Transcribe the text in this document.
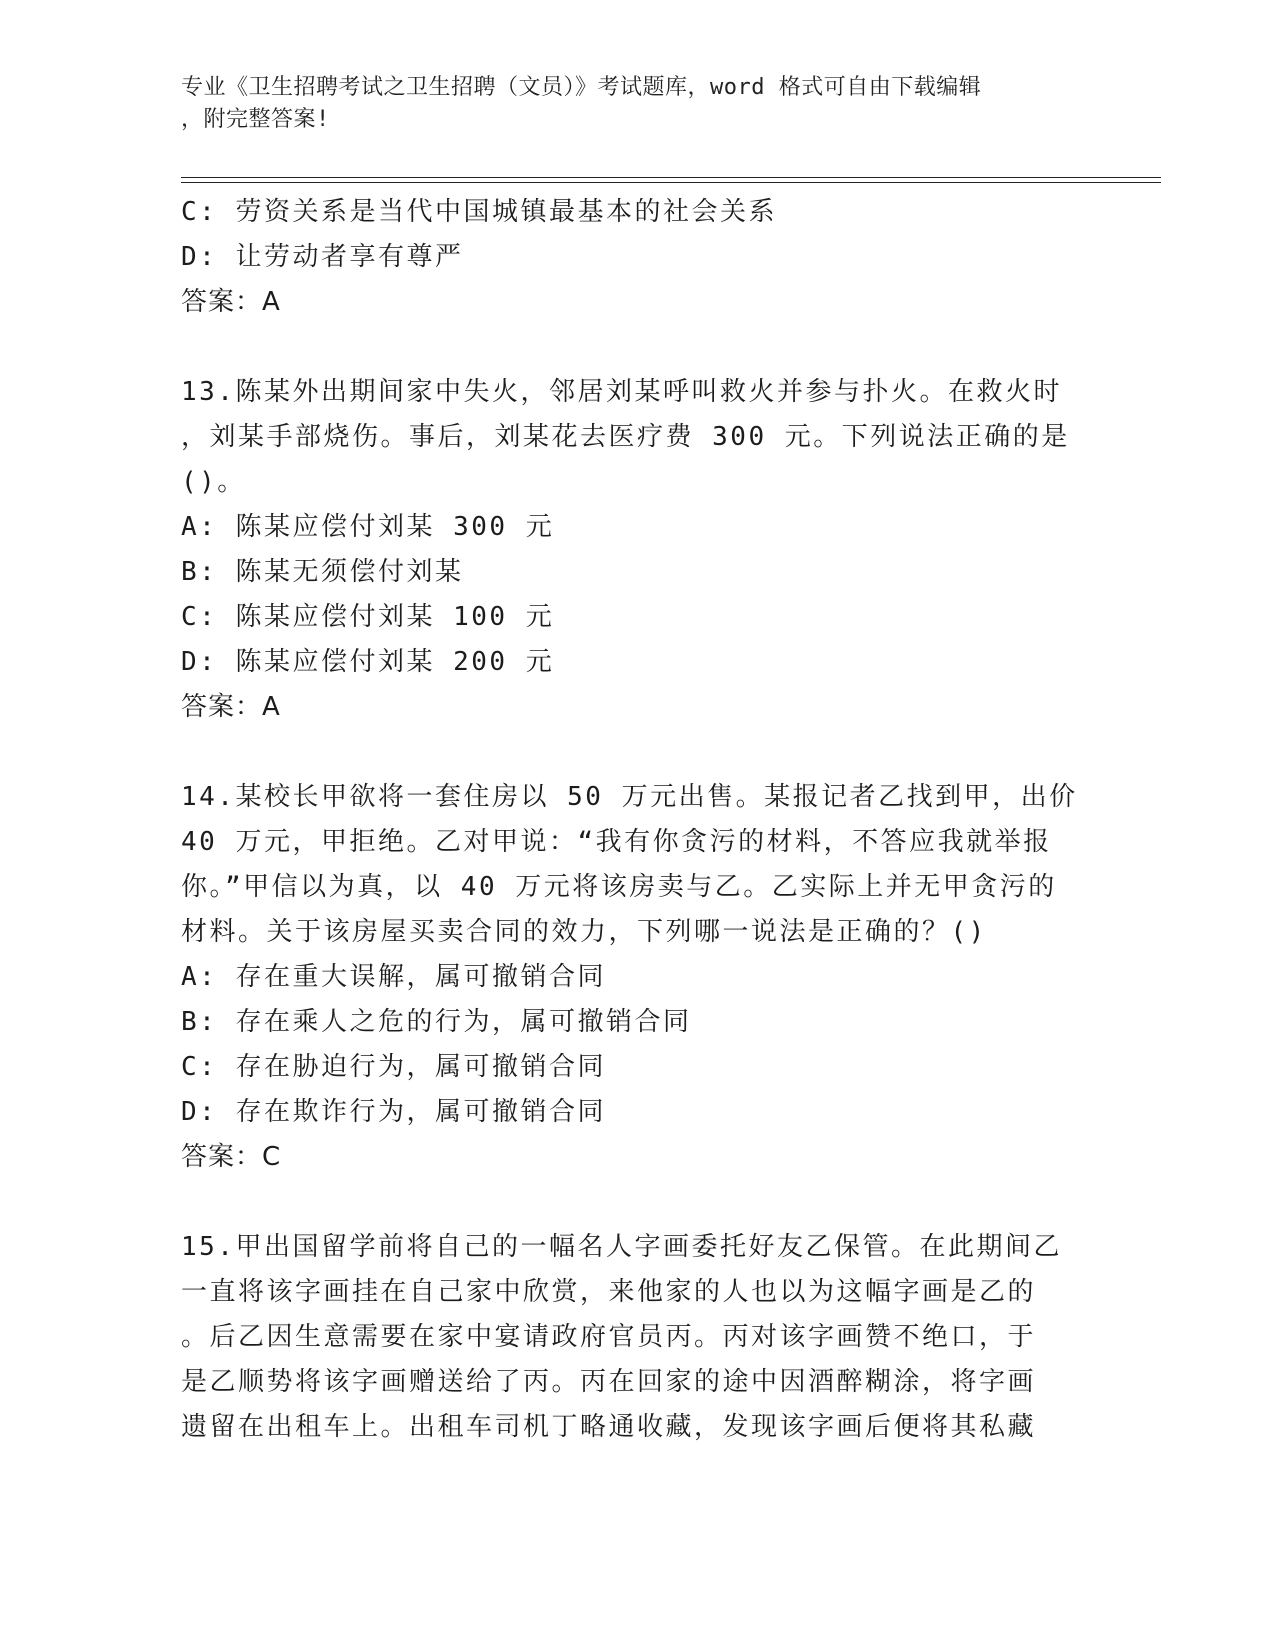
专业《卫生招聘考试之卫生招聘（文员）》考试题库，word 格式可自由下载编辑
，附完整答案!
C: 劳资关系是当代中国城镇最基本的社会关系
D: 让劳动者享有尊严
答案：A
13.陈某外出期间家中失火，邻居刘某呼叫救火并参与扑火。在救火时
，刘某手部烧伤。事后，刘某花去医疗费 300 元。下列说法正确的是
()。
A: 陈某应偿付刘某 300 元
B: 陈某无须偿付刘某
C: 陈某应偿付刘某 100 元
D: 陈某应偿付刘某 200 元
答案：A
14.某校长甲欲将一套住房以 50 万元出售。某报记者乙找到甲，出价
40 万元，甲拒绝。乙对甲说：“我有你贪污的材料，不答应我就举报
你。”甲信以为真，以 40 万元将该房卖与乙。乙实际上并无甲贪污的
材料。关于该房屋买卖合同的效力，下列哪一说法是正确的？()
A: 存在重大误解，属可撤销合同
B: 存在乘人之危的行为，属可撤销合同
C: 存在胁迫行为，属可撤销合同
D: 存在欺诈行为，属可撤销合同
答案：C
15.甲出国留学前将自己的一幅名人字画委托好友乙保管。在此期间乙
一直将该字画挂在自己家中欣赏，来他家的人也以为这幅字画是乙的
。后乙因生意需要在家中宴请政府官员丙。丙对该字画赞不绝口，于
是乙顺势将该字画赠送给了丙。丙在回家的途中因酒醉糊涂，将字画
遗留在出租车上。出租车司机丁略通收藏，发现该字画后便将其私藏
